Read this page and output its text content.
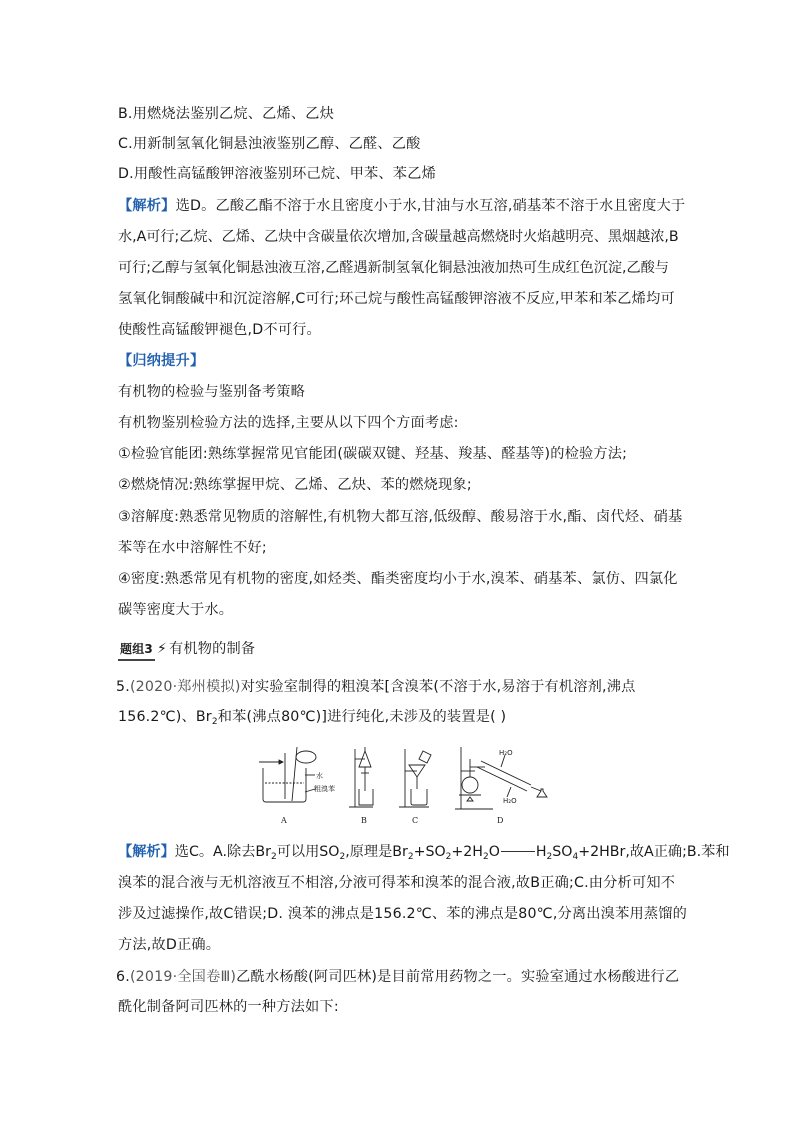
B.用燃烧法鉴别乙烷、乙烯、乙炔
C.用新制氢氧化铜悬浊液鉴别乙醇、乙醛、乙酸
D.用酸性高锰酸钾溶液鉴别环己烷、甲苯、苯乙烯
【解析】选D。乙酸乙酯不溶于水且密度小于水,甘油与水互溶,硝基苯不溶于水且密度大于
水,A可行;乙烷、乙烯、乙炔中含碳量依次增加,含碳量越高燃烧时火焰越明亮、黑烟越浓,B
可行;乙醇与氢氧化铜悬浊液互溶,乙醛遇新制氢氧化铜悬浊液加热可生成红色沉淀,乙酸与
氢氧化铜酸碱中和沉淀溶解,C可行;环己烷与酸性高锰酸钾溶液不反应,甲苯和苯乙烯均可
使酸性高锰酸钾褪色,D不可行。
【归纳提升】
有机物的检验与鉴别备考策略
有机物鉴别检验方法的选择,主要从以下四个方面考虑:
①检验官能团:熟练掌握常见官能团(碳碳双键、羟基、羧基、醛基等)的检验方法;
②燃烧情况:熟练掌握甲烷、乙烯、乙炔、苯的燃烧现象;
③溶解度:熟悉常见物质的溶解性,有机物大都互溶,低级醇、酸易溶于水,酯、卤代烃、硝基
苯等在水中溶解性不好;
④密度:熟悉常见有机物的密度,如烃类、酯类密度均小于水,溴苯、硝基苯、氯仿、四氯化
碳等密度大于水。
题组3 ⚡ 有机物的制备
5.(2020·郑州模拟)对实验室制得的粗溴苯[含溴苯(不溶于水,易溶于有机溶剂,沸点
156.2℃)、$Br_2$和苯(沸点80℃)]进行纯化,未涉及的装置是( )
水
粗溴苯
H₂O
H₂O
A	B	C	D
【解析】选C。A.除去$Br_2$可以用$SO_2$,原理是$Br_2+SO_2+2H_2O$	$H_2SO_4+2HBr$,故A正确;B.苯和
溴苯的混合液与无机溶液互不相溶,分液可得苯和溴苯的混合液,故B正确;C.由分析可知不
涉及过滤操作,故C错误;D. 溴苯的沸点是156.2℃、苯的沸点是80℃,分离出溴苯用蒸馏的
方法,故D正确。
6.(2019·全国卷Ⅲ)乙酰水杨酸(阿司匹林)是目前常用药物之一。实验室通过水杨酸进行乙
酰化制备阿司匹林的一种方法如下:
